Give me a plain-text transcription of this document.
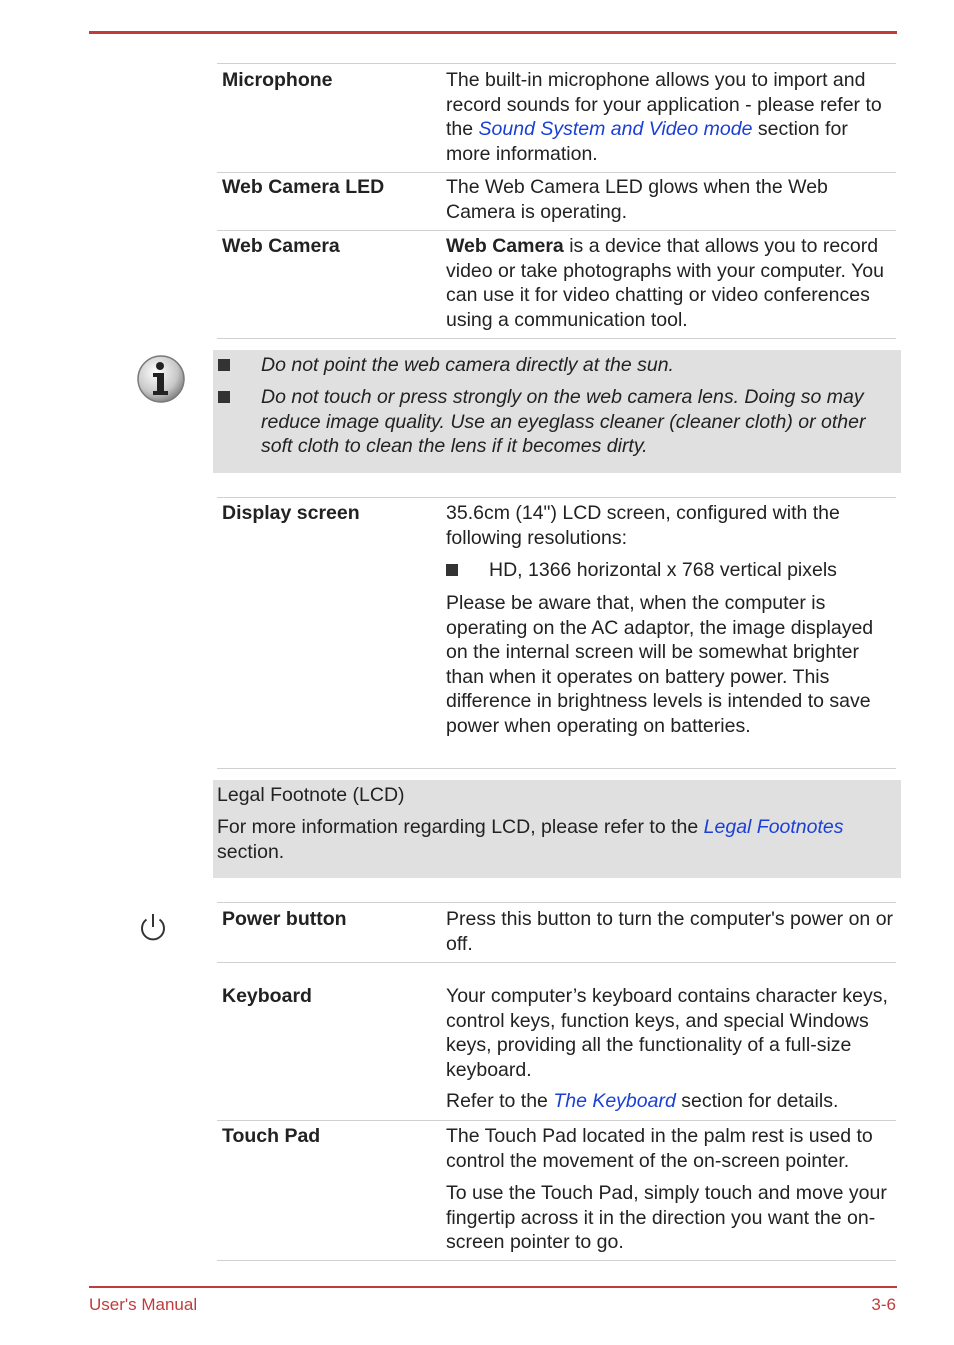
Microphone	The built-in microphone allows you to import and record sounds for your application - please refer to the Sound System and Video mode section for more information.
Web Camera LED	The Web Camera LED glows when the Web Camera is operating.
Web Camera	Web Camera is a device that allows you to record video or take photographs with your computer. You can use it for video chatting or video conferences using a communication tool.
Do not point the web camera directly at the sun.
Do not touch or press strongly on the web camera lens. Doing so may reduce image quality. Use an eyeglass cleaner (cleaner cloth) or other soft cloth to clean the lens if it becomes dirty.
Display screen	35.6cm (14") LCD screen, configured with the following resolutions:
HD, 1366 horizontal x 768 vertical pixels
Please be aware that, when the computer is operating on the AC adaptor, the image displayed on the internal screen will be somewhat brighter than when it operates on battery power. This difference in brightness levels is intended to save power when operating on batteries.
Legal Footnote (LCD)
For more information regarding LCD, please refer to the Legal Footnotes section.
Power button	Press this button to turn the computer's power on or off.
Keyboard	Your computer’s keyboard contains character keys, control keys, function keys, and special Windows keys, providing all the functionality of a full-size keyboard.
Refer to the The Keyboard section for details.
Touch Pad	The Touch Pad located in the palm rest is used to control the movement of the on-screen pointer.
To use the Touch Pad, simply touch and move your fingertip across it in the direction you want the on-screen pointer to go.
User's Manual	3-6
